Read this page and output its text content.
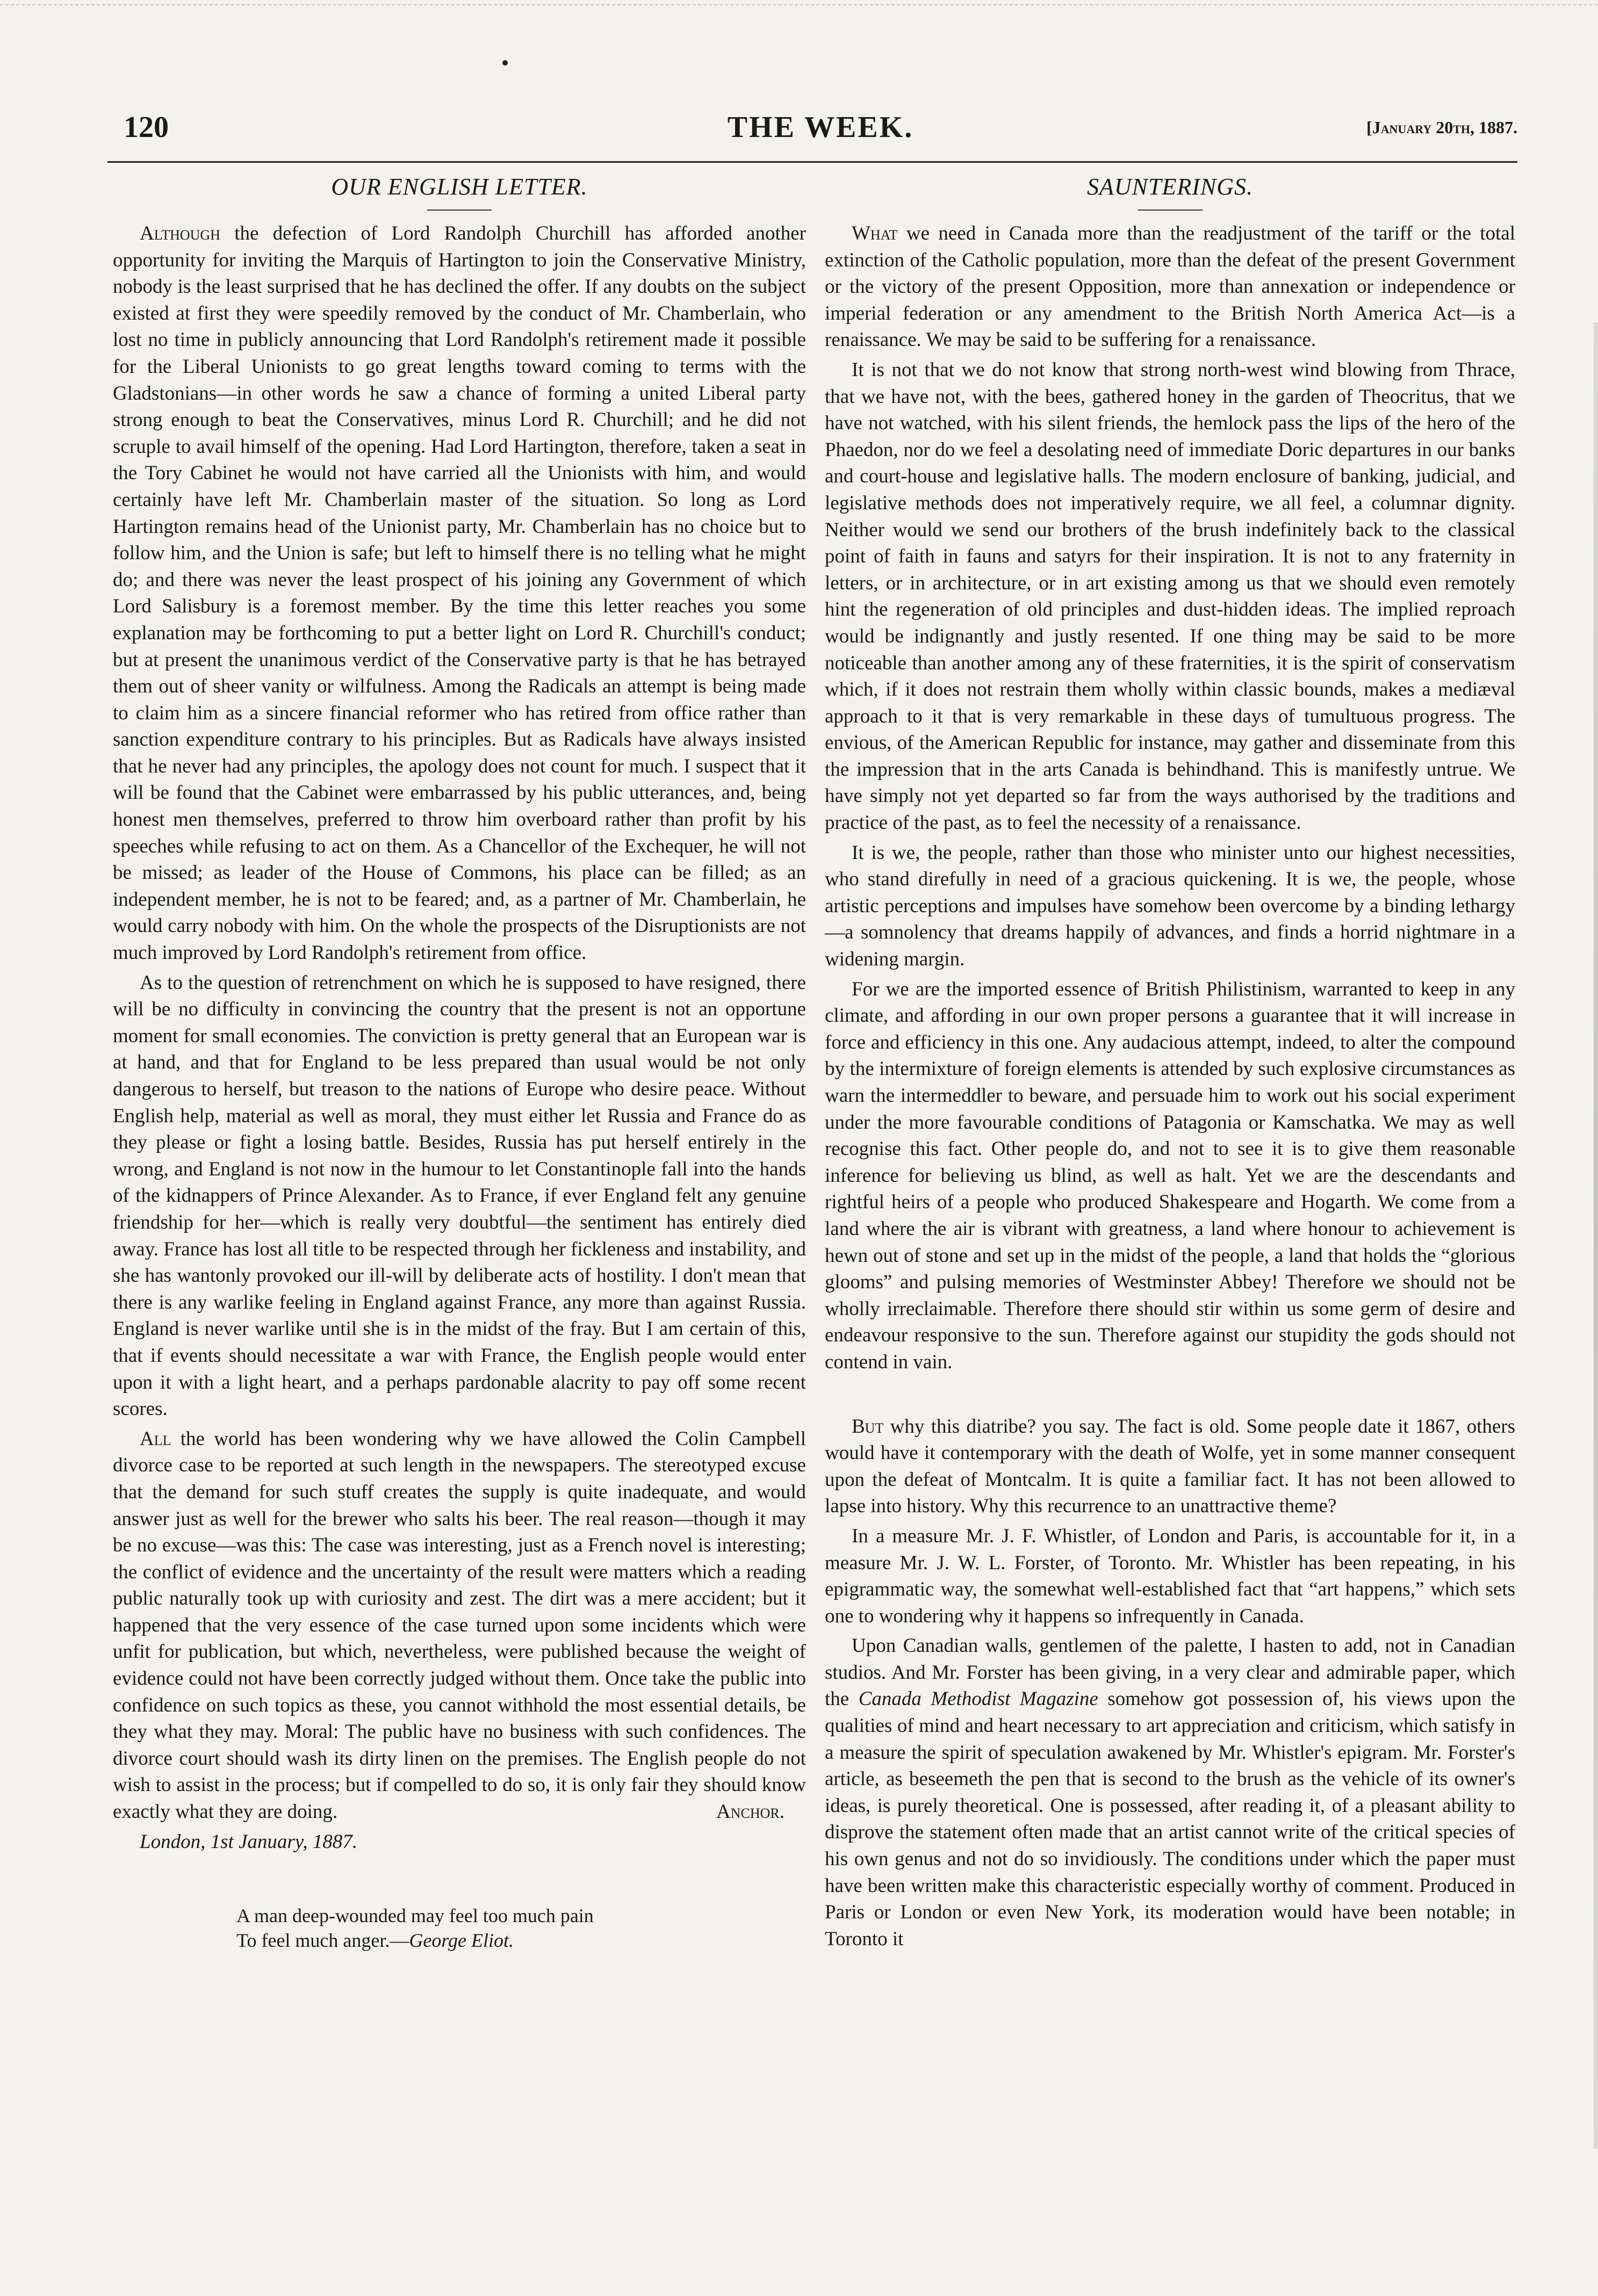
120	THE WEEK.	[January 20th, 1887.
OUR ENGLISH LETTER.

Although the defection of Lord Randolph Churchill has afforded another opportunity for inviting the Marquis of Hartington to join the Conservative Ministry, nobody is the least surprised that he has declined the offer. If any doubts on the subject existed at first they were speedily removed by the conduct of Mr. Chamberlain, who lost no time in publicly announcing that Lord Randolph's retirement made it possible for the Liberal Unionists to go great lengths toward coming to terms with the Gladstonians—in other words he saw a chance of forming a united Liberal party strong enough to beat the Conservatives, minus Lord R. Churchill; and he did not scruple to avail himself of the opening. Had Lord Hartington, therefore, taken a seat in the Tory Cabinet he would not have carried all the Unionists with him, and would certainly have left Mr. Chamberlain master of the situation. So long as Lord Hartington remains head of the Unionist party, Mr. Chamberlain has no choice but to follow him, and the Union is safe; but left to himself there is no telling what he might do; and there was never the least prospect of his joining any Government of which Lord Salisbury is a foremost member. By the time this letter reaches you some explanation may be forthcoming to put a better light on Lord R. Churchill's conduct; but at present the unanimous verdict of the Conservative party is that he has betrayed them out of sheer vanity or wilfulness. Among the Radicals an attempt is being made to claim him as a sincere financial reformer who has retired from office rather than sanction expenditure contrary to his principles. But as Radicals have always insisted that he never had any principles, the apology does not count for much. I suspect that it will be found that the Cabinet were embarrassed by his public utterances, and, being honest men themselves, preferred to throw him overboard rather than profit by his speeches while refusing to act on them. As a Chancellor of the Exchequer, he will not be missed; as leader of the House of Commons, his place can be filled; as an independent member, he is not to be feared; and, as a partner of Mr. Chamberlain, he would carry nobody with him. On the whole the prospects of the Disruptionists are not much improved by Lord Randolph's retirement from office.

As to the question of retrenchment on which he is supposed to have resigned, there will be no difficulty in convincing the country that the present is not an opportune moment for small economies. The conviction is pretty general that an European war is at hand, and that for England to be less prepared than usual would be not only dangerous to herself, but treason to the nations of Europe who desire peace. Without English help, material as well as moral, they must either let Russia and France do as they please or fight a losing battle. Besides, Russia has put herself entirely in the wrong, and England is not now in the humour to let Constantinople fall into the hands of the kidnappers of Prince Alexander. As to France, if ever England felt any genuine friendship for her—which is really very doubtful—the sentiment has entirely died away. France has lost all title to be respected through her fickleness and instability, and she has wantonly provoked our ill-will by deliberate acts of hostility. I don't mean that there is any warlike feeling in England against France, any more than against Russia. England is never warlike until she is in the midst of the fray. But I am certain of this, that if events should necessitate a war with France, the English people would enter upon it with a light heart, and a perhaps pardonable alacrity to pay off some recent scores.

All the world has been wondering why we have allowed the Colin Campbell divorce case to be reported at such length in the newspapers. The stereotyped excuse that the demand for such stuff creates the supply is quite inadequate, and would answer just as well for the brewer who salts his beer. The real reason—though it may be no excuse—was this: The case was interesting, just as a French novel is interesting; the conflict of evidence and the uncertainty of the result were matters which a reading public naturally took up with curiosity and zest. The dirt was a mere accident; but it happened that the very essence of the case turned upon some incidents which were unfit for publication, but which, nevertheless, were published because the weight of evidence could not have been correctly judged without them. Once take the public into confidence on such topics as these, you cannot withhold the most essential details, be they what they may. Moral: The public have no business with such confidences. The divorce court should wash its dirty linen on the premises. The English people do not wish to assist in the process; but if compelled to do so, it is only fair they should know exactly what they are doing.	Anchor.

London, 1st January, 1887.
A man deep-wounded may feel too much pain
To feel much anger.—George Eliot.
SAUNTERINGS.

What we need in Canada more than the readjustment of the tariff or the total extinction of the Catholic population, more than the defeat of the present Government or the victory of the present Opposition, more than annexation or independence or imperial federation or any amendment to the British North America Act—is a renaissance. We may be said to be suffering for a renaissance.

It is not that we do not know that strong north-west wind blowing from Thrace, that we have not, with the bees, gathered honey in the garden of Theocritus, that we have not watched, with his silent friends, the hemlock pass the lips of the hero of the Phaedon, nor do we feel a desolating need of immediate Doric departures in our banks and court-house and legislative halls. The modern enclosure of banking, judicial, and legislative methods does not imperatively require, we all feel, a columnar dignity. Neither would we send our brothers of the brush indefinitely back to the classical point of faith in fauns and satyrs for their inspiration. It is not to any fraternity in letters, or in architecture, or in art existing among us that we should even remotely hint the regeneration of old principles and dust-hidden ideas. The implied reproach would be indignantly and justly resented. If one thing may be said to be more noticeable than another among any of these fraternities, it is the spirit of conservatism which, if it does not restrain them wholly within classic bounds, makes a mediæval approach to it that is very remarkable in these days of tumultuous progress. The envious, of the American Republic for instance, may gather and disseminate from this the impression that in the arts Canada is behindhand. This is manifestly untrue. We have simply not yet departed so far from the ways authorised by the traditions and practice of the past, as to feel the necessity of a renaissance.

It is we, the people, rather than those who minister unto our highest necessities, who stand direfully in need of a gracious quickening. It is we, the people, whose artistic perceptions and impulses have somehow been overcome by a binding lethargy—a somnolency that dreams happily of advances, and finds a horrid nightmare in a widening margin.

For we are the imported essence of British Philistinism, warranted to keep in any climate, and affording in our own proper persons a guarantee that it will increase in force and efficiency in this one. Any audacious attempt, indeed, to alter the compound by the intermixture of foreign elements is attended by such explosive circumstances as warn the intermeddler to beware, and persuade him to work out his social experiment under the more favourable conditions of Patagonia or Kamschatka. We may as well recognise this fact. Other people do, and not to see it is to give them reasonable inference for believing us blind, as well as halt. Yet we are the descendants and rightful heirs of a people who produced Shakespeare and Hogarth. We come from a land where the air is vibrant with greatness, a land where honour to achievement is hewn out of stone and set up in the midst of the people, a land that holds the “glorious glooms” and pulsing memories of Westminster Abbey! Therefore we should not be wholly irreclaimable. Therefore there should stir within us some germ of desire and endeavour responsive to the sun. Therefore against our stupidity the gods should not contend in vain.

But why this diatribe? you say. The fact is old. Some people date it 1867, others would have it contemporary with the death of Wolfe, yet in some manner consequent upon the defeat of Montcalm. It is quite a familiar fact. It has not been allowed to lapse into history. Why this recurrence to an unattractive theme?

In a measure Mr. J. F. Whistler, of London and Paris, is accountable for it, in a measure Mr. J. W. L. Forster, of Toronto. Mr. Whistler has been repeating, in his epigrammatic way, the somewhat well-established fact that “art happens,” which sets one to wondering why it happens so infrequently in Canada.

Upon Canadian walls, gentlemen of the palette, I hasten to add, not in Canadian studios. And Mr. Forster has been giving, in a very clear and admirable paper, which the Canada Methodist Magazine somehow got possession of, his views upon the qualities of mind and heart necessary to art appreciation and criticism, which satisfy in a measure the spirit of speculation awakened by Mr. Whistler's epigram. Mr. Forster's article, as beseemeth the pen that is second to the brush as the vehicle of its owner's ideas, is purely theoretical. One is possessed, after reading it, of a pleasant ability to disprove the statement often made that an artist cannot write of the critical species of his own genus and not do so invidiously. The conditions under which the paper must have been written make this characteristic especially worthy of comment. Produced in Paris or London or even New York, its moderation would have been notable; in Toronto it
